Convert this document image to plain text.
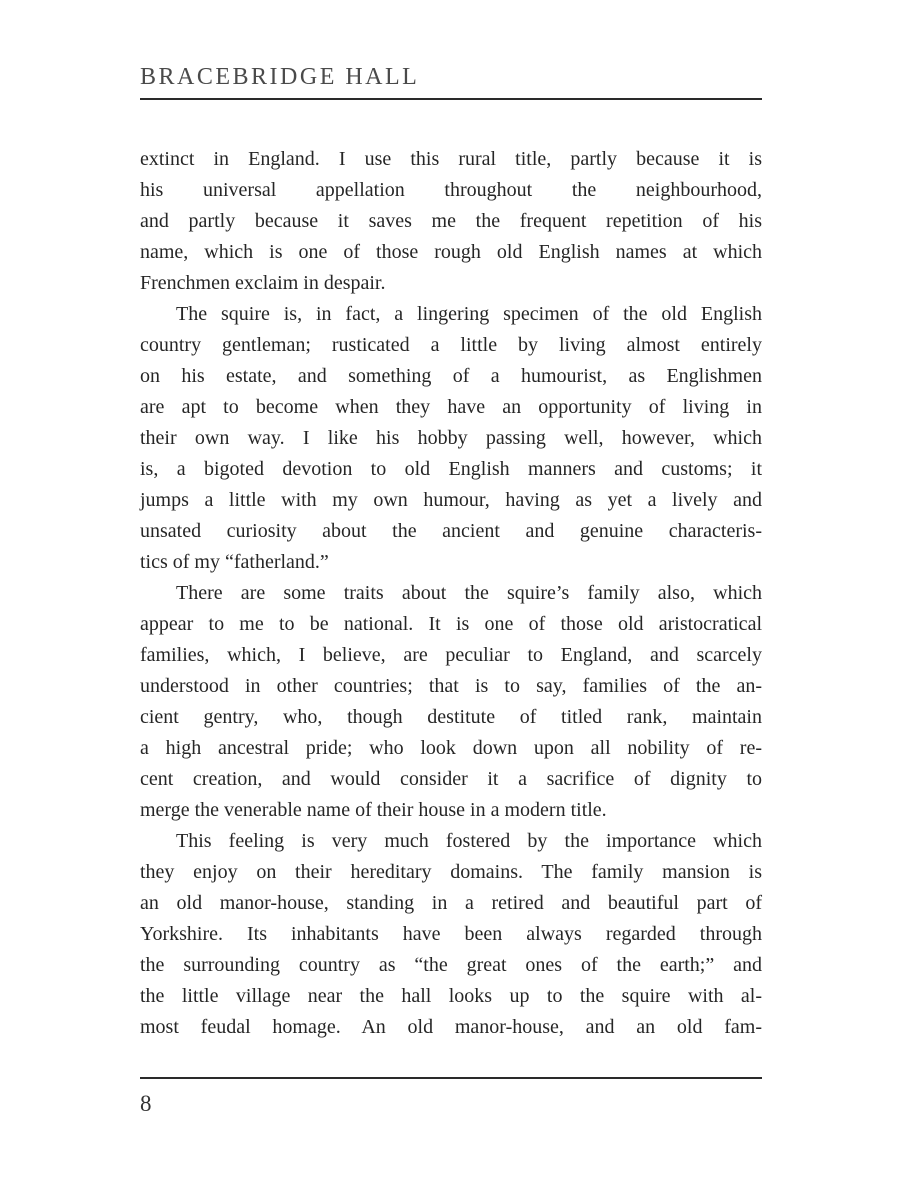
BRACEBRIDGE HALL
extinct in England. I use this rural title, partly because it is
his universal appellation throughout the neighbourhood,
and partly because it saves me the frequent repetition of his
name, which is one of those rough old English names at which
Frenchmen exclaim in despair.
The squire is, in fact, a lingering specimen of the old English
country gentleman; rusticated a little by living almost entirely
on his estate, and something of a humourist, as Englishmen
are apt to become when they have an opportunity of living in
their own way. I like his hobby passing well, however, which
is, a bigoted devotion to old English manners and customs; it
jumps a little with my own humour, having as yet a lively and
unsated curiosity about the ancient and genuine characteris-
tics of my “fatherland.”
There are some traits about the squire’s family also, which
appear to me to be national. It is one of those old aristocratical
families, which, I believe, are peculiar to England, and scarcely
understood in other countries; that is to say, families of the an-
cient gentry, who, though destitute of titled rank, maintain
a high ancestral pride; who look down upon all nobility of re-
cent creation, and would consider it a sacrifice of dignity to
merge the venerable name of their house in a modern title.
This feeling is very much fostered by the importance which
they enjoy on their hereditary domains. The family mansion is
an old manor-house, standing in a retired and beautiful part of
Yorkshire. Its inhabitants have been always regarded through
the surrounding country as “the great ones of the earth;” and
the little village near the hall looks up to the squire with al-
most feudal homage. An old manor-house, and an old fam-
8
